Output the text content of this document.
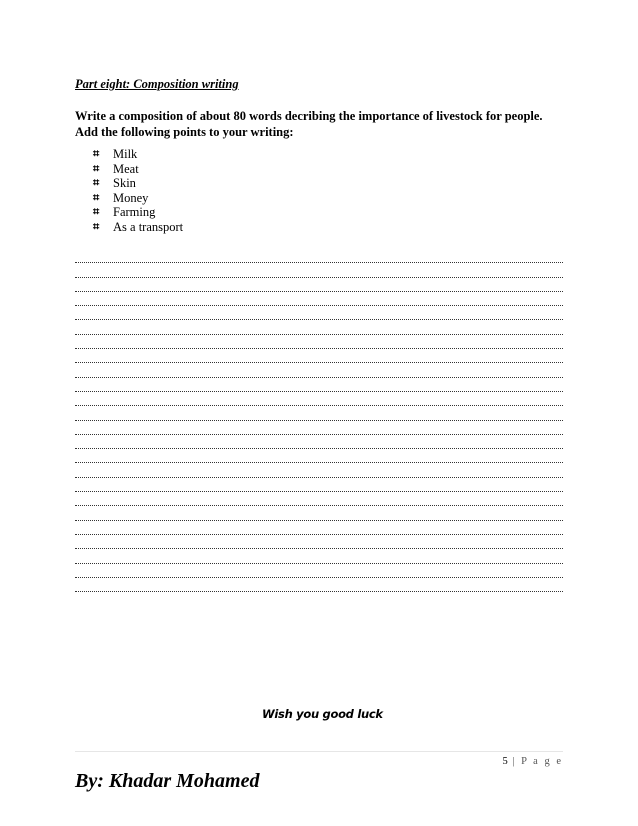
Part eight: Composition writing
Write a composition of about 80 words decribing the importance of livestock for people.
Add the following points to your writing:
⌗	Milk
⌗	Meat
⌗	Skin
⌗	Money
⌗	Farming
⌗	As a transport
Wish you good luck
5 | P a g e
By: Khadar Mohamed
